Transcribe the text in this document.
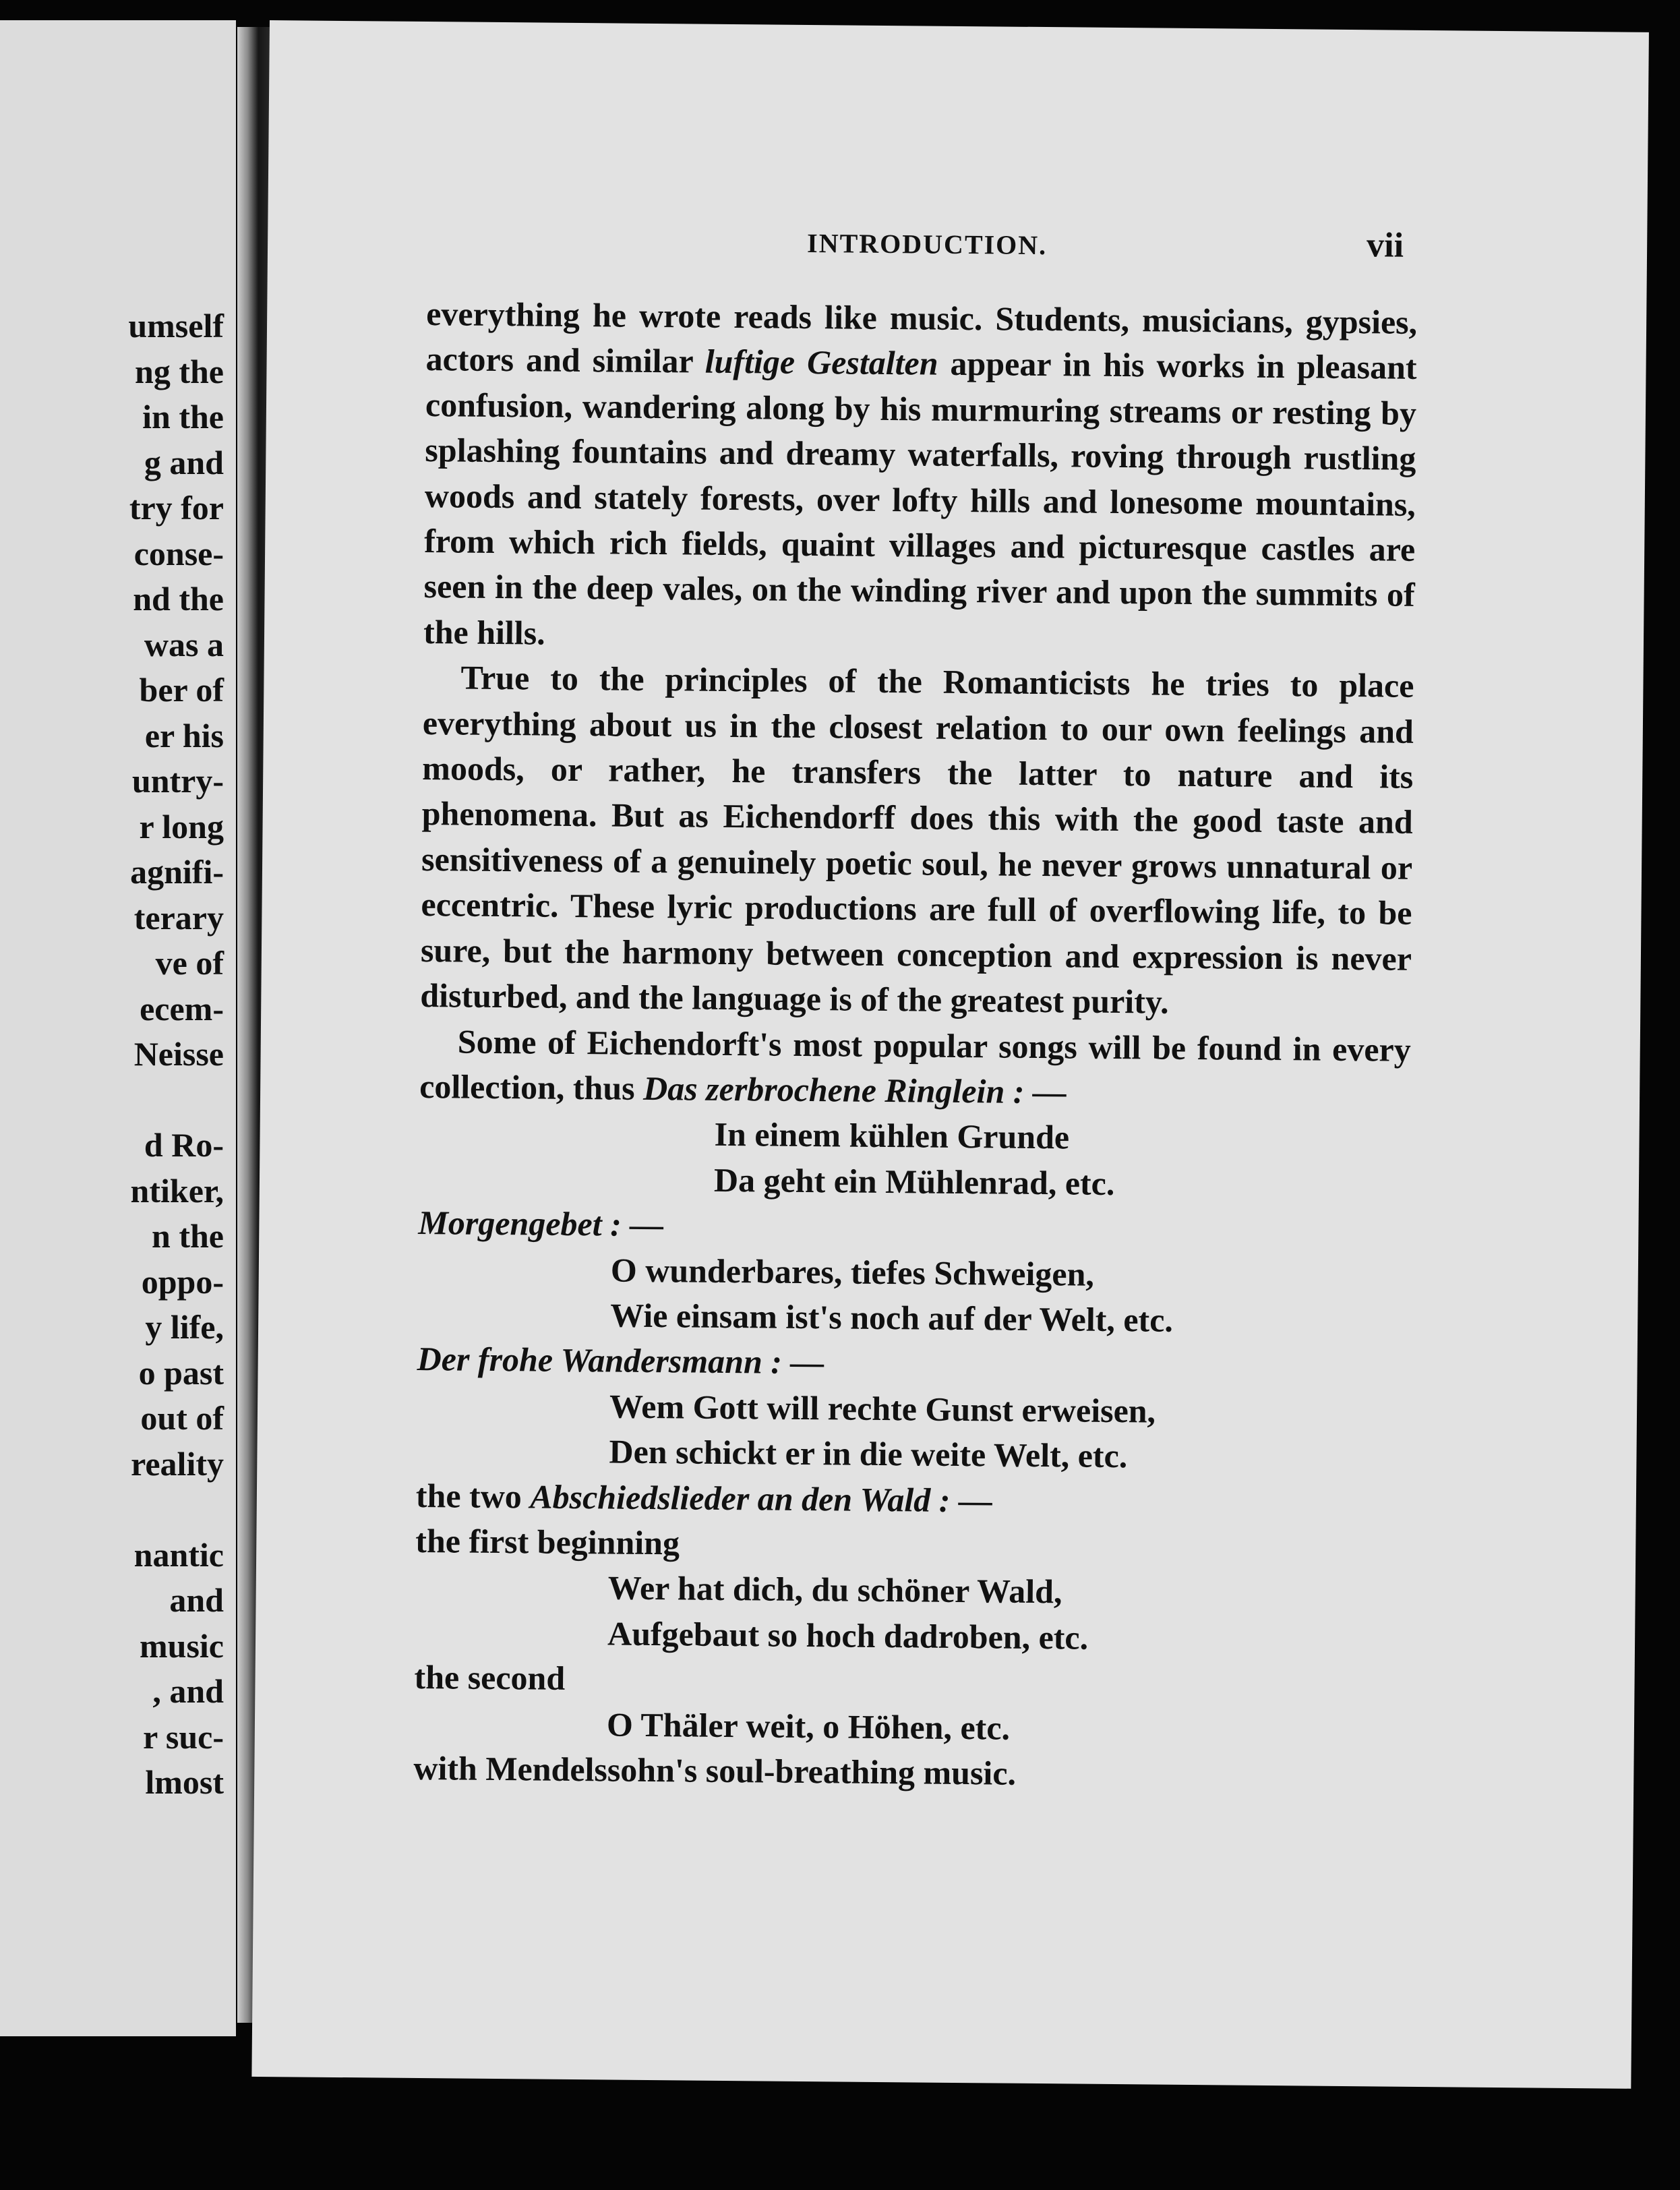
umself
ng the
in the
g and
try for
conse-
nd the
was a
ber of
er his
untry-
r long
agnifi-
terary
ve of
ecem-
Neisse
d Ro-
ntiker,
n the
oppo-
y life,
o past
out of
reality
nantic
and
music
, and
r suc-
lmost
INTRODUCTION.	vii

everything he wrote reads like music. Students, musicians, gypsies, actors and similar luftige Gestalten appear in his works in pleasant confusion, wandering along by his murmuring streams or resting by splashing fountains and dreamy waterfalls, roving through rustling woods and stately forests, over lofty hills and lonesome mountains, from which rich fields, quaint villages and picturesque castles are seen in the deep vales, on the winding river and upon the summits of the hills.

True to the principles of the Romanticists he tries to place everything about us in the closest relation to our own feelings and moods, or rather, he transfers the latter to nature and its phenomena. But as Eichendorff does this with the good taste and sensitiveness of a genuinely poetic soul, he never grows unnatural or eccentric. These lyric productions are full of overflowing life, to be sure, but the harmony between conception and expression is never disturbed, and the language is of the greatest purity.

Some of Eichendorft's most popular songs will be found in every collection, thus Das zerbrochene Ringlein : —

In einem kühlen Grunde
Da geht ein Mühlenrad, etc.
Morgengebet : —
O wunderbares, tiefes Schweigen,
Wie einsam ist's noch auf der Welt, etc.
Der frohe Wandersmann : —
Wem Gott will rechte Gunst erweisen,
Den schickt er in die weite Welt, etc.
the two Abschiedslieder an den Wald : —
the first beginning
Wer hat dich, du schöner Wald,
Aufgebaut so hoch dadroben, etc.
the second
O Thäler weit, o Höhen, etc.
with Mendelssohn's soul-breathing music.
